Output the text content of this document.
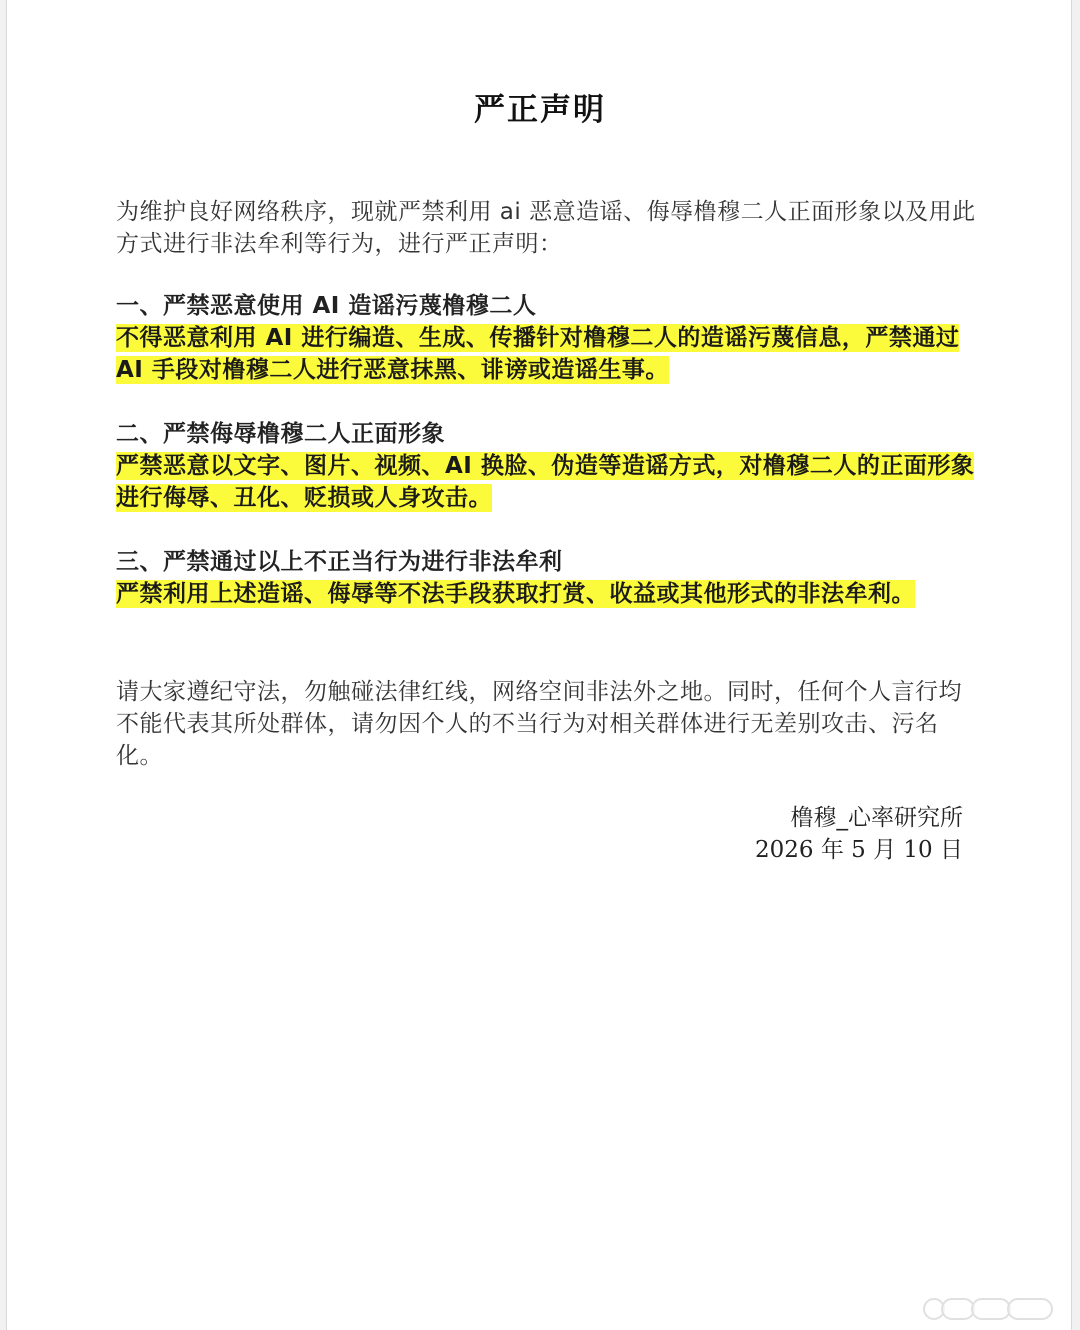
严正声明
为维护良好网络秩序，现就严禁利用 ai 恶意造谣、侮辱橹穆二人正面形象以及用此方式进行非法牟利等行为，进行严正声明：
一、严禁恶意使用 AI 造谣污蔑橹穆二人
不得恶意利用 AI 进行编造、生成、传播针对橹穆二人的造谣污蔑信息，严禁通过 AI 手段对橹穆二人进行恶意抹黑、诽谤或造谣生事。
二、严禁侮辱橹穆二人正面形象
严禁恶意以文字、图片、视频、AI 换脸、伪造等造谣方式，对橹穆二人的正面形象进行侮辱、丑化、贬损或人身攻击。
三、严禁通过以上不正当行为进行非法牟利
严禁利用上述造谣、侮辱等不法手段获取打赏、收益或其他形式的非法牟利。
请大家遵纪守法，勿触碰法律红线，网络空间非法外之地。同时，任何个人言行均不能代表其所处群体，请勿因个人的不当行为对相关群体进行无差别攻击、污名化。
橹穆_心率研究所
2026 年 5 月 10 日
